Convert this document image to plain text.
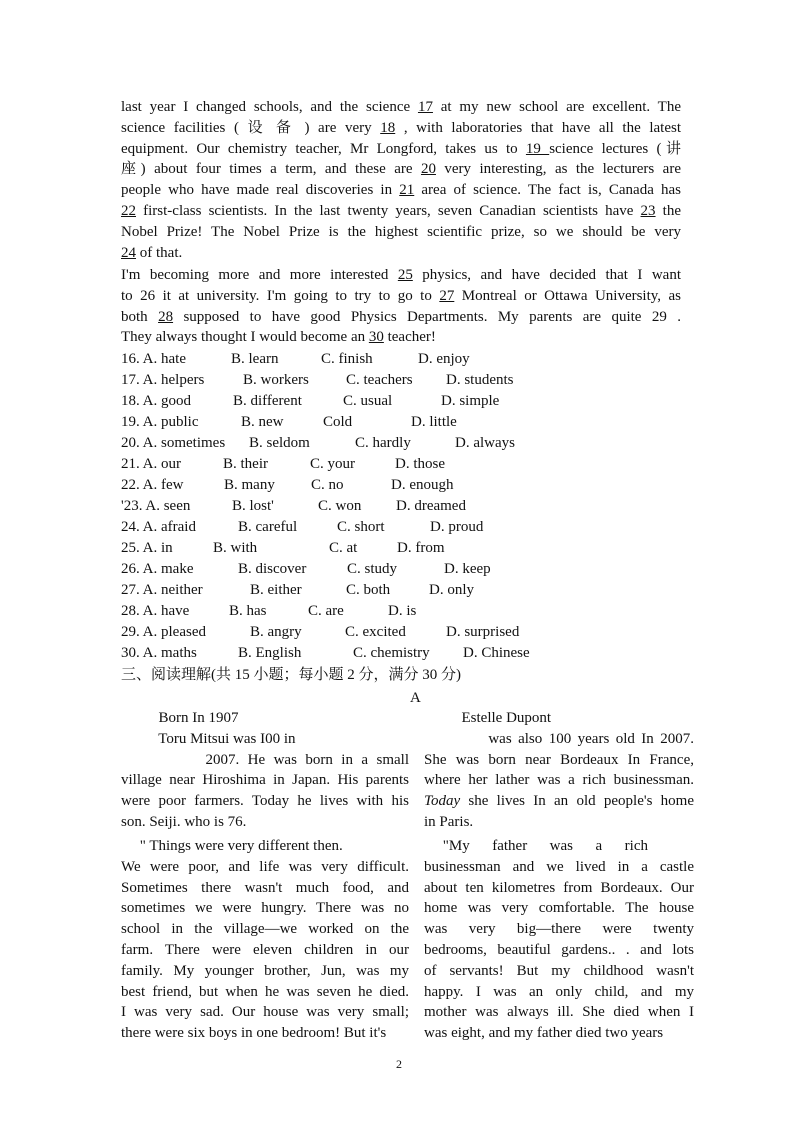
last year I changed schools, and the science 17 at my new school are excellent. The
science facilities ( 设 备 ) are very 18 , with laboratories that have all the latest
equipment. Our chemistry teacher, Mr Longford, takes us to 19 science lectures (讲
座) about four times a term, and these are 20 very interesting, as the lecturers are
people who have made real discoveries in 21 area of science. The fact is, Canada has
22 first-class scientists. In the last twenty years, seven Canadian scientists have 23 the
Nobel Prize! The Nobel Prize is the highest scientific prize, so we should be very
24 of that.
I'm becoming more and more interested 25 physics, and have decided that I want
to 26 it at university. I'm going to try to go to 27 Montreal or Ottawa University, as
both 28 supposed to have good Physics Departments. My parents are quite 29 .
They always thought I would become an 30 teacher!
16. A. hate	B. learn	C. finish	D. enjoy
17. A. helpers	B. workers C. teachers D. students
18. A. good	B. different	C. usual	D. simple
19. A. public	B. new	Cold	D. little
20. A. sometimes B. seldom	C. hardly	D. always
21. A. our	B. their	C. your	D. those
22. A. few	B. many C. no	D. enough
'23. A. seen	B. lost'	C. won D. dreamed
24. A. afraid	B. careful	C. short	D. proud
25. A. in	B. with	C. at	D. from
26. A. make	B. discover	C. study	D. keep
27. A. neither	B. either	C. both	D. only
28. A. have	B. has	C. are	D. is
29. A. pleased	B. angry	C. excited	D. surprised
30. A. maths	B. English	C. chemistry D. Chinese
三、阅读理解(共 15 小题；每小题 2 分，满分 30 分)
A
Born In 1907
Toru Mitsui was I00 in
2007. He was born in a small
village near Hiroshima in Japan. His parents
were poor farmers. Today he lives with his
son. Seiji. who is 76.
" Things were very different then.
We were poor, and life was very difficult.
Sometimes there wasn't much food, and
sometimes we were hungry. There was no
school in the village—we worked on the
farm. There were eleven children in our
family. My younger brother, Jun, was my
best friend, but when he was seven he died.
I was very sad. Our house was very small;
there were six boys in one bedroom! But it's
Estelle Dupont
was also 100 years old In 2007.
She was born near Bordeaux In France,
where her lather was a rich businessman.
Today she lives In an old people's home
in Paris.
"My      father      was      a      rich
businessman and we lived in a castle
about ten kilometres from Bordeaux. Our
home was very comfortable. The house
was  very  big—there  were  twenty
bedrooms, beautiful gardens.. . and lots
of servants! But my childhood wasn't
happy. I was an only child, and my
mother was always ill. She died when I
was eight, and my father died two years
2
